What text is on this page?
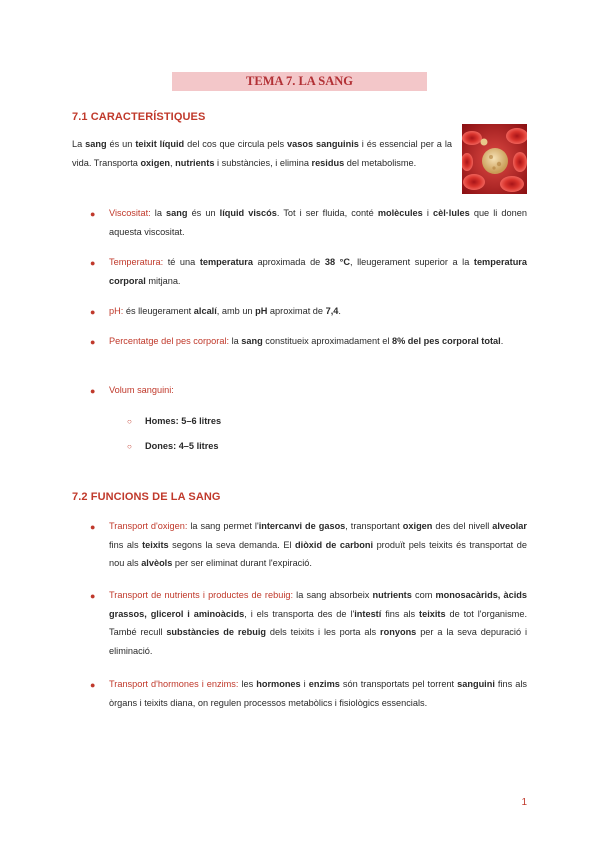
TEMA 7. LA SANG
7.1 CARACTERÍSTIQUES
La sang és un teixit líquid del cos que circula pels vasos sanguinis i és essencial per a la vida. Transporta oxigen, nutrients i substàncies, i elimina residus del metabolisme.
●	Viscositat: la sang és un líquid viscós. Tot i ser fluida, conté molècules i cèl·lules que li donen aquesta viscositat.
●	Temperatura: té una temperatura aproximada de 38 °C, lleugerament superior a la temperatura corporal mitjana.
●	pH: és lleugerament alcalí, amb un pH aproximat de 7,4.
●	Percentatge del pes corporal: la sang constitueix aproximadament el 8% del pes corporal total.
●	Volum sanguini:
○ Homes: 5–6 litres
○ Dones: 4–5 litres
7.2 FUNCIONS DE LA SANG
●	Transport d'oxigen: la sang permet l'intercanvi de gasos, transportant oxigen des del nivell alveolar fins als teixits segons la seva demanda. El diòxid de carboni produït pels teixits és transportat de nou als alvèols per ser eliminat durant l'expiració.
●	Transport de nutrients i productes de rebuig: la sang absorbeix nutrients com monosacàrids, àcids grassos, glicerol i aminoàcids, i els transporta des de l'intestí fins als teixits de tot l'organisme. També recull substàncies de rebuig dels teixits i les porta als ronyons per a la seva depuració i eliminació.
●	Transport d'hormones i enzims: les hormones i enzims són transportats pel torrent sanguini fins als òrgans i teixits diana, on regulen processos metabòlics i fisiològics essencials.
1
